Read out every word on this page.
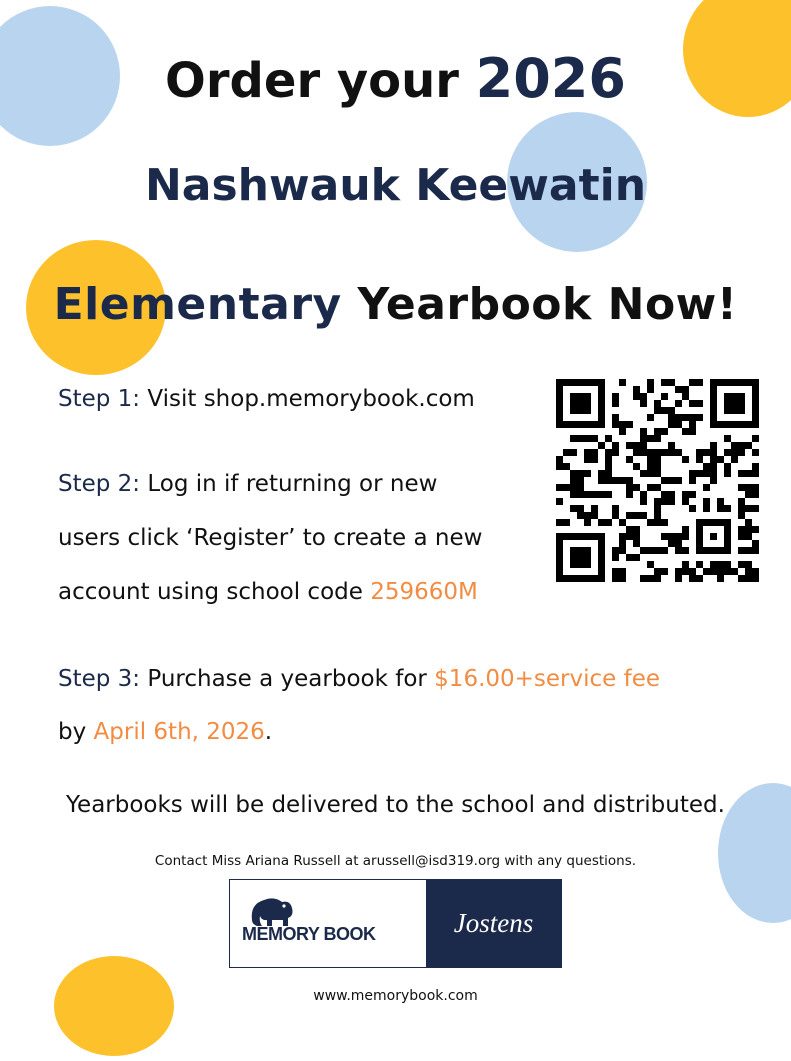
Order your 2026
Nashwauk Keewatin
Elementary Yearbook Now!
Step 1: Visit shop.memorybook.com
Step 2: Log in if returning or new
users click ‘Register’ to create a new
account using school code 259660M
Step 3: Purchase a yearbook for $16.00+service fee
by April 6th, 2026.
Yearbooks will be delivered to the school and distributed.
Contact Miss Ariana Russell at arussell@isd319.org with any questions.
MEMORY BOOK	Jostens
www.memorybook.com
